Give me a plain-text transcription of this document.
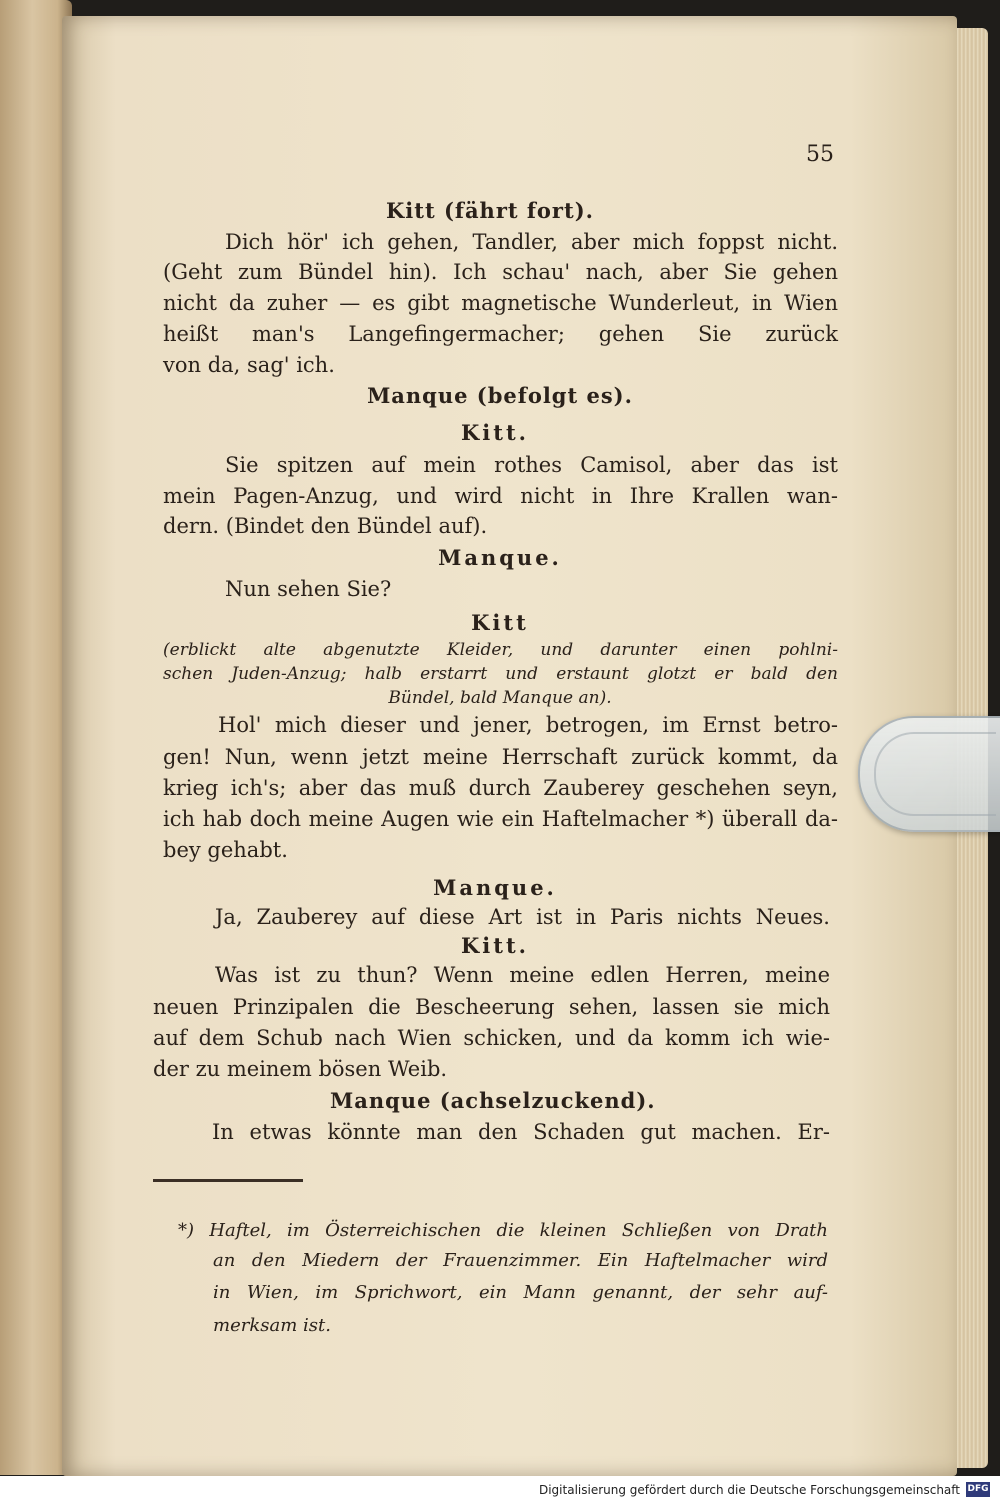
55
Kitt (fährt fort).
Dich hör' ich gehen, Tandler, aber mich foppst nicht.
(Geht zum Bündel hin). Ich schau' nach, aber Sie gehen
nicht da zuher — es gibt magnetische Wunderleut, in Wien
heißt man's Langefingermacher; gehen Sie zurück
von da, sag' ich.
Manque (befolgt es).
Kitt.
Sie spitzen auf mein rothes Camisol, aber das ist
mein Pagen-Anzug, und wird nicht in Ihre Krallen wan-
dern. (Bindet den Bündel auf).
Manque.
Nun sehen Sie?
Kitt
(erblickt alte abgenutzte Kleider, und darunter einen pohlni-
schen Juden-Anzug; halb erstarrt und erstaunt glotzt er bald den
Bündel, bald Manque an).
Hol' mich dieser und jener, betrogen, im Ernst betro-
gen! Nun, wenn jetzt meine Herrschaft zurück kommt, da
krieg ich's; aber das muß durch Zauberey geschehen seyn,
ich hab doch meine Augen wie ein Haftelmacher *) überall da-
bey gehabt.
Manque.
Ja, Zauberey auf diese Art ist in Paris nichts Neues.
Kitt.
Was ist zu thun? Wenn meine edlen Herren, meine
neuen Prinzipalen die Bescheerung sehen, lassen sie mich
auf dem Schub nach Wien schicken, und da komm ich wie-
der zu meinem bösen Weib.
Manque (achselzuckend).
In etwas könnte man den Schaden gut machen. Er-
*) Haftel, im Österreichischen die kleinen Schließen von Drath
an den Miedern der Frauenzimmer. Ein Haftelmacher wird
in Wien, im Sprichwort, ein Mann genannt, der sehr auf-
merksam ist.
Digitalisierung gefördert durch die Deutsche Forschungsgemeinschaft DFG
